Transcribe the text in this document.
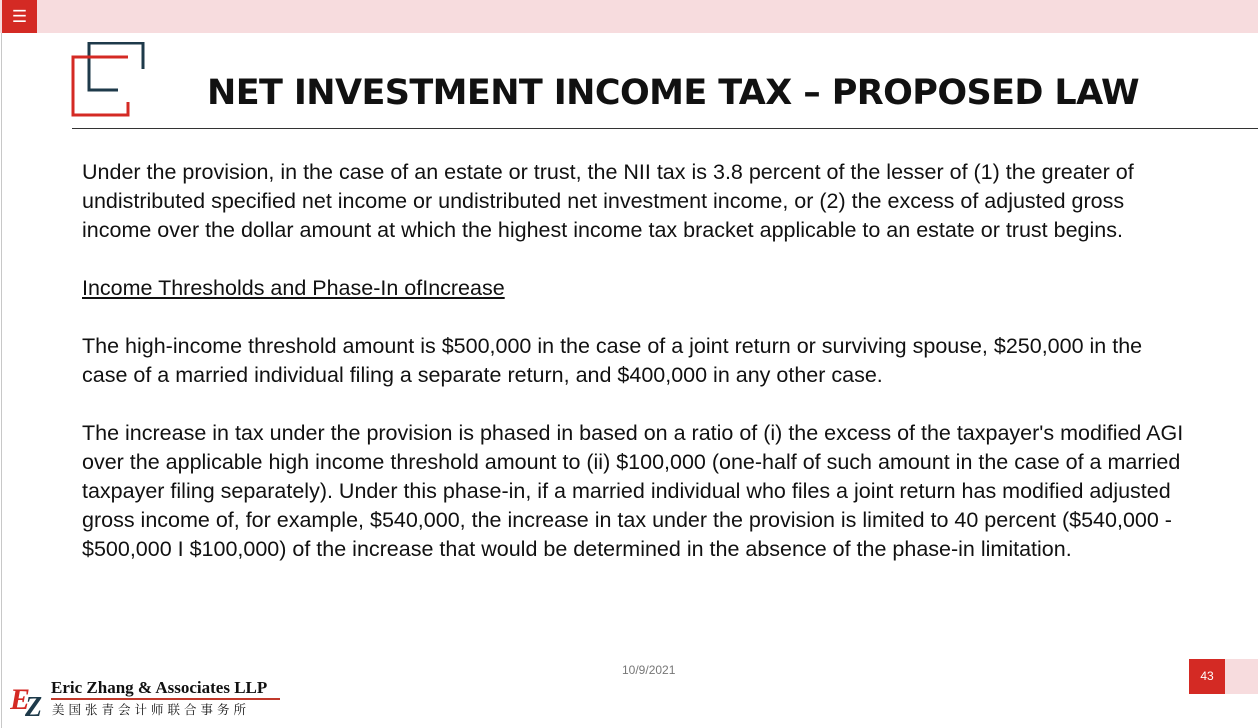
☰
NET INVESTMENT INCOME TAX – PROPOSED LAW

Under the provision, in the case of an estate or trust, the NII tax is 3.8 percent of the lesser of (1) the greater of undistributed specified net income or undistributed net investment income, or (2) the excess of adjusted gross income over the dollar amount at which the highest income tax bracket applicable to an estate or trust begins.

Income Thresholds and Phase-In ofIncrease

The high-income threshold amount is $500,000 in the case of a joint return or surviving spouse, $250,000 in the case of a married individual filing a separate return, and $400,000 in any other case.

The increase in tax under the provision is phased in based on a ratio of (i) the excess of the taxpayer's modified AGI over the applicable high income threshold amount to (ii) $100,000 (one-half of such amount in the case of a married taxpayer filing separately). Under this phase-in, if a married individual who files a joint return has modified adjusted gross income of, for example, $540,000, the increase in tax under the provision is limited to 40 percent ($540,000 - $500,000 I $100,000) of the increase that would be determined in the absence of the phase-in limitation.

10/9/2021	43
E
Z
Eric Zhang & Associates LLP
美国张青会计师联合事务所
